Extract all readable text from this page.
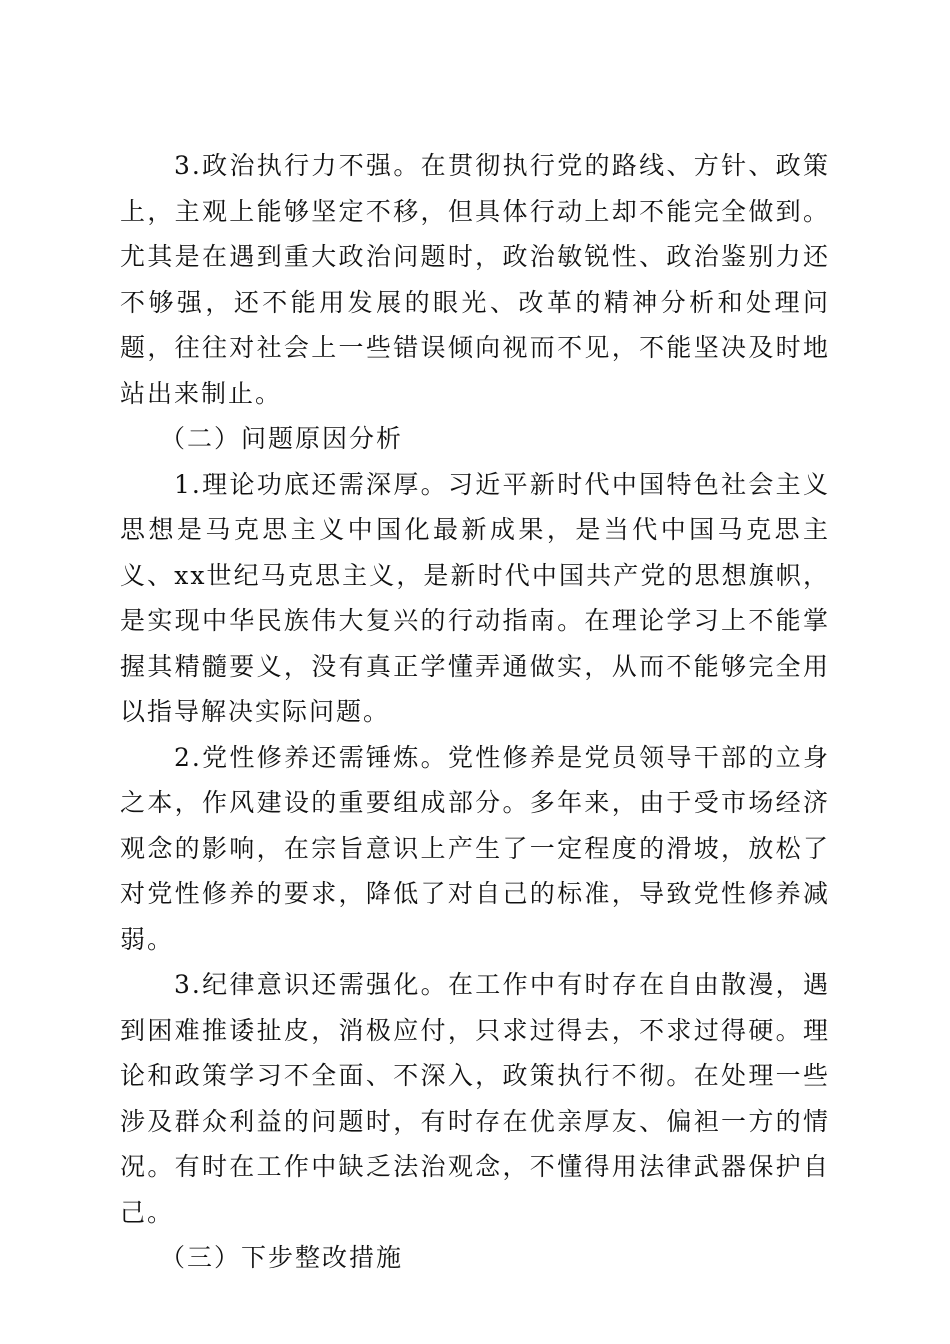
3.政治执行力不强。在贯彻执行党的路线、方针、政策上，主观上能够坚定不移，但具体行动上却不能完全做到。尤其是在遇到重大政治问题时，政治敏锐性、政治鉴别力还不够强，还不能用发展的眼光、改革的精神分析和处理问题，往往对社会上一些错误倾向视而不见，不能坚决及时地站出来制止。

（二）问题原因分析

1.理论功底还需深厚。习近平新时代中国特色社会主义思想是马克思主义中国化最新成果，是当代中国马克思主义、xx世纪马克思主义，是新时代中国共产党的思想旗帜，是实现中华民族伟大复兴的行动指南。在理论学习上不能掌握其精髓要义，没有真正学懂弄通做实，从而不能够完全用以指导解决实际问题。

2.党性修养还需锤炼。党性修养是党员领导干部的立身之本，作风建设的重要组成部分。多年来，由于受市场经济观念的影响，在宗旨意识上产生了一定程度的滑坡，放松了对党性修养的要求，降低了对自己的标准，导致党性修养减弱。

3.纪律意识还需强化。在工作中有时存在自由散漫，遇到困难推诿扯皮，消极应付，只求过得去，不求过得硬。理论和政策学习不全面、不深入，政策执行不彻。在处理一些涉及群众利益的问题时，有时存在优亲厚友、偏袒一方的情况。有时在工作中缺乏法治观念，不懂得用法律武器保护自己。

（三）下步整改措施
